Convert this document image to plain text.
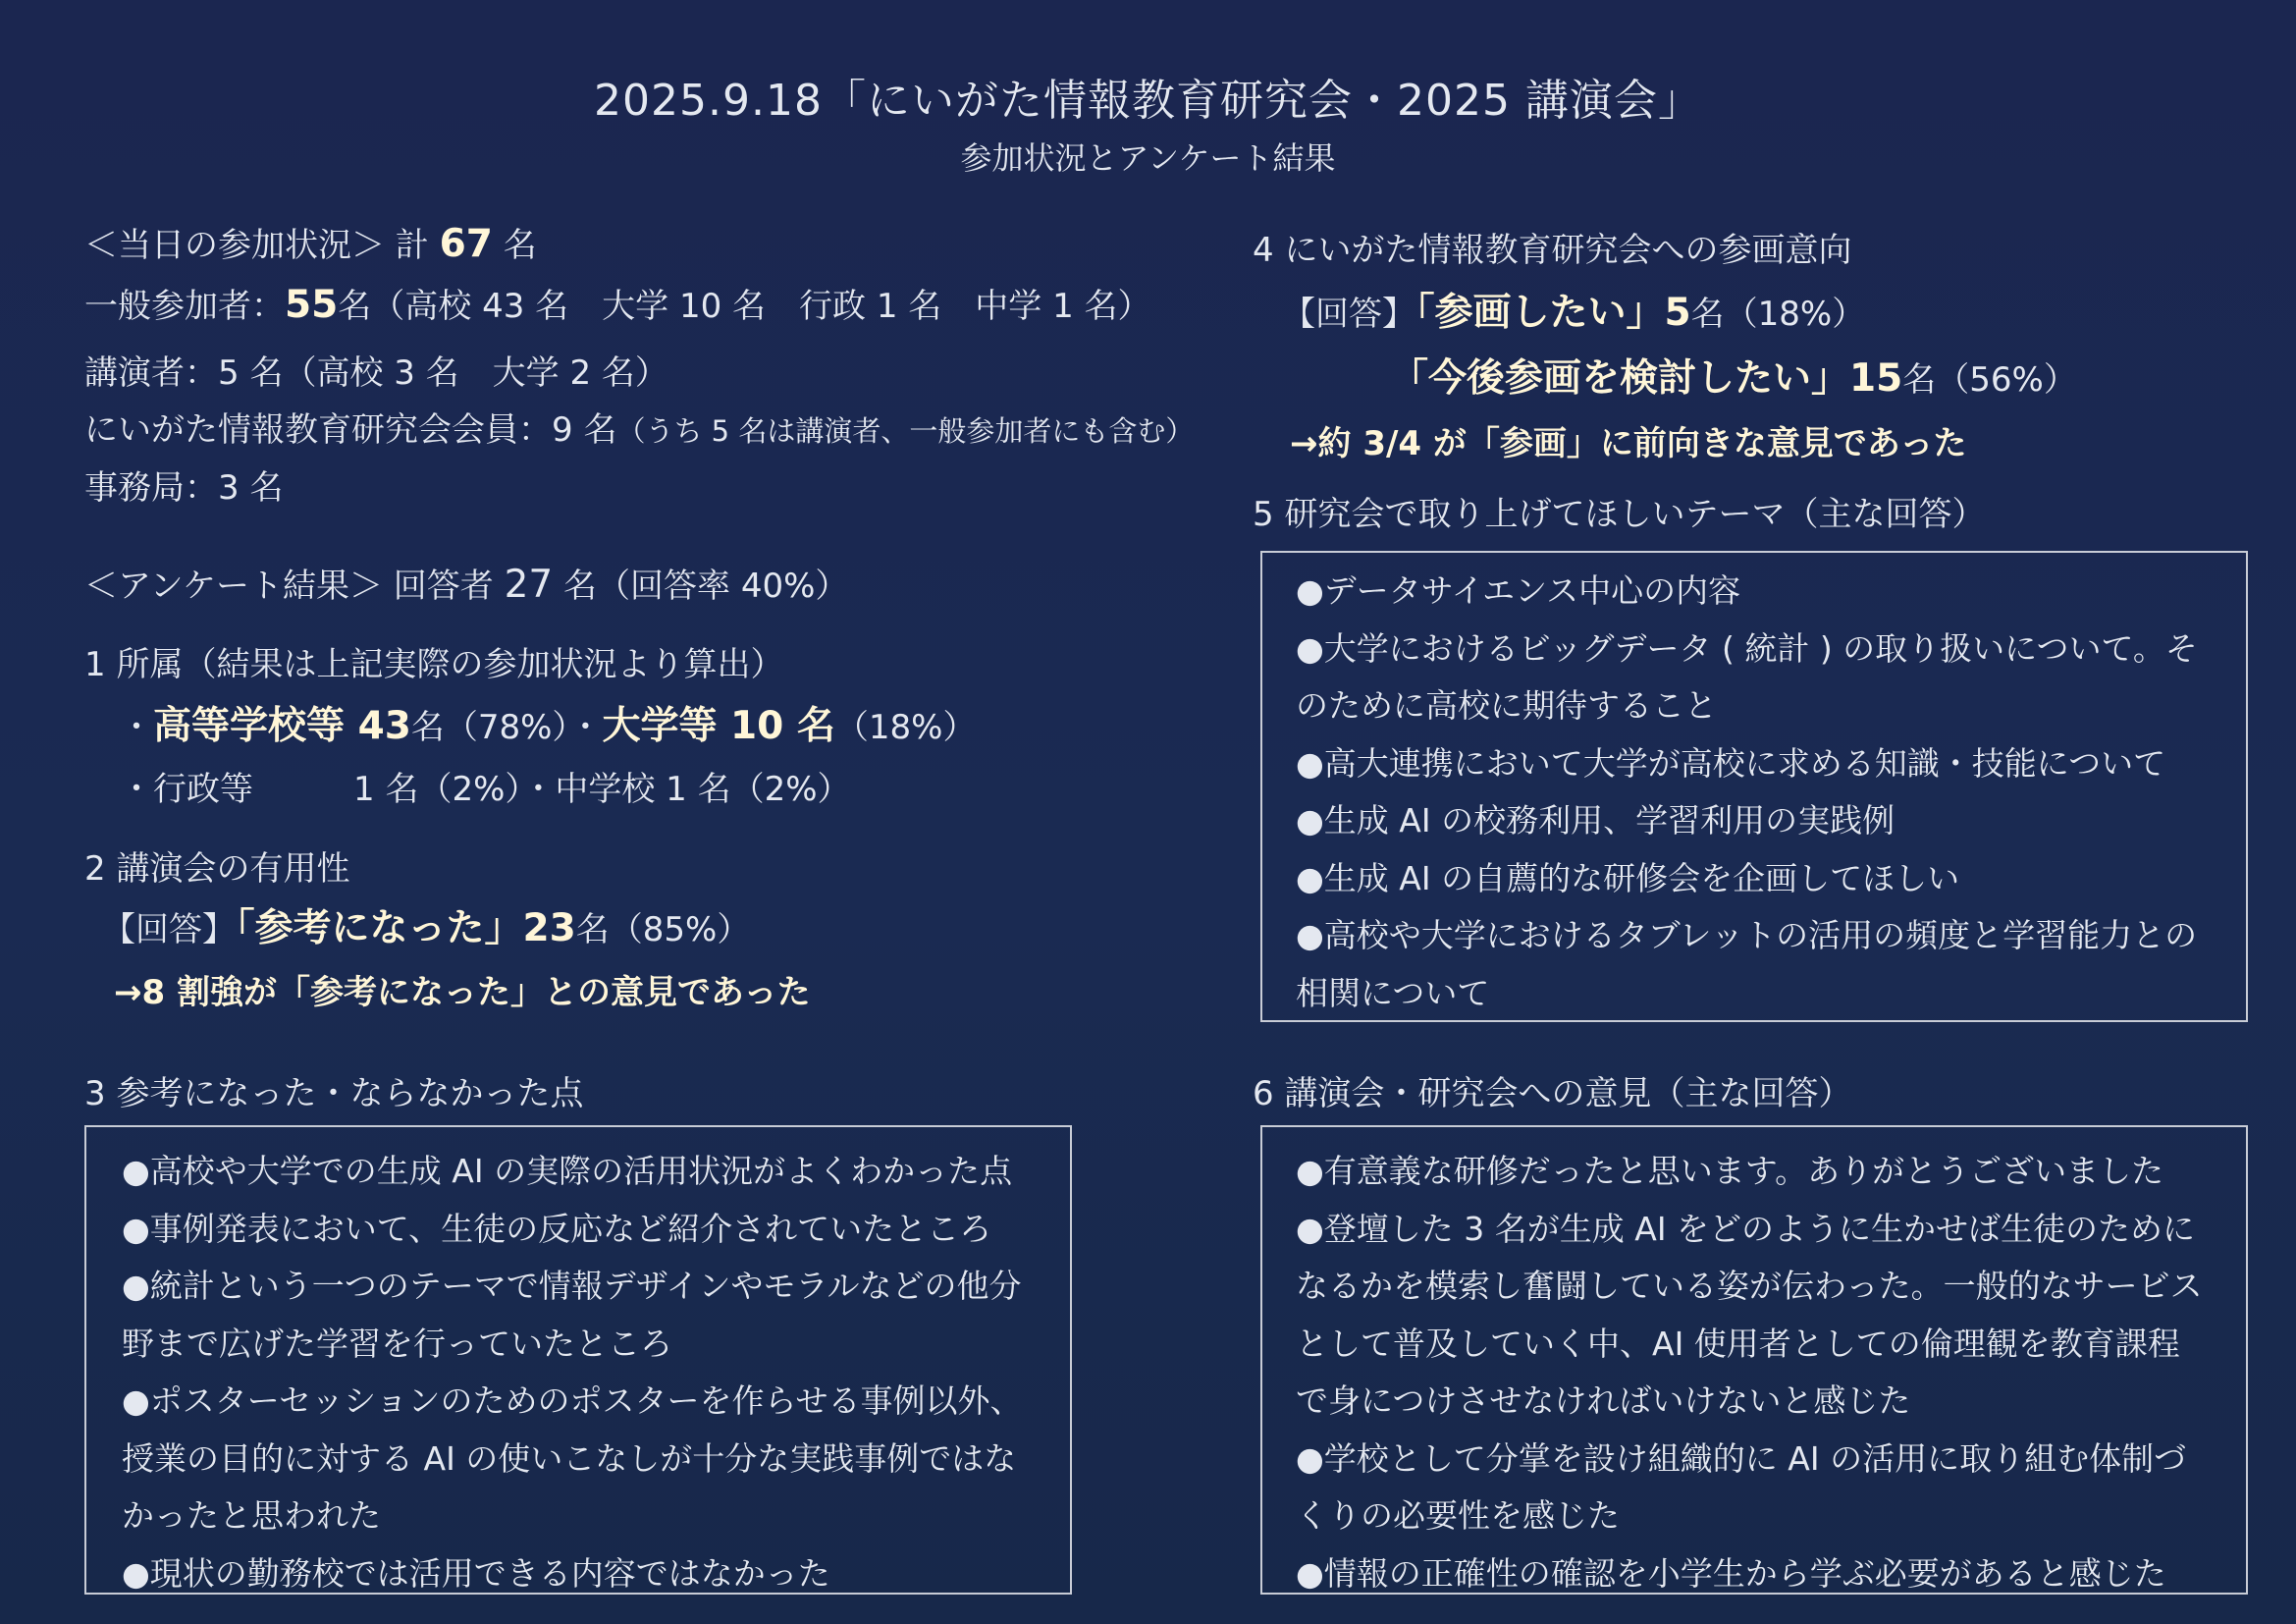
2025.9.18「にいがた情報教育研究会・2025 講演会」
参加状況とアンケート結果
＜当日の参加状況＞ 計 67 名
一般参加者：55名（高校 43 名　大学 10 名　行政 1 名　中学 1 名）
講演者：5 名（高校 3 名　大学 2 名）
にいがた情報教育研究会会員：9 名（うち 5 名は講演者、一般参加者にも含む）
事務局：3 名
＜アンケート結果＞ 回答者 27 名（回答率 40%）
1 所属（結果は上記実際の参加状況より算出）
・高等学校等 43名（78%）・大学等 10 名（18%）
・行政等　　　1 名（2%）・中学校 1 名（2%）
2 講演会の有用性
【回答】「参考になった」23名（85%）
→8 割強が「参考になった」との意見であった
3 参考になった・ならなかった点
●高校や大学での生成 AI の実際の活用状況がよくわかった点
●事例発表において、生徒の反応など紹介されていたところ
●統計という一つのテーマで情報デザインやモラルなどの他分
野まで広げた学習を行っていたところ
●ポスターセッションのためのポスターを作らせる事例以外、
授業の目的に対する AI の使いこなしが十分な実践事例ではな
かったと思われた
●現状の勤務校では活用できる内容ではなかった
4 にいがた情報教育研究会への参画意向
【回答】「参画したい」5名（18%）
「今後参画を検討したい」15名（56%）
→約 3/4 が「参画」に前向きな意見であった
5 研究会で取り上げてほしいテーマ（主な回答）
●データサイエンス中心の内容
●大学におけるビッグデータ ( 統計 ) の取り扱いについて。そ
のために高校に期待すること
●高大連携において大学が高校に求める知識・技能について
●生成 AI の校務利用、学習利用の実践例
●生成 AI の自薦的な研修会を企画してほしい
●高校や大学におけるタブレットの活用の頻度と学習能力との
相関について
6 講演会・研究会への意見（主な回答）
●有意義な研修だったと思います。ありがとうございました
●登壇した 3 名が生成 AI をどのように生かせば生徒のために
なるかを模索し奮闘している姿が伝わった。一般的なサービス
として普及していく中、AI 使用者としての倫理観を教育課程
で身につけさせなければいけないと感じた
●学校として分掌を設け組織的に AI の活用に取り組む体制づ
くりの必要性を感じた
●情報の正確性の確認を小学生から学ぶ必要があると感じた
